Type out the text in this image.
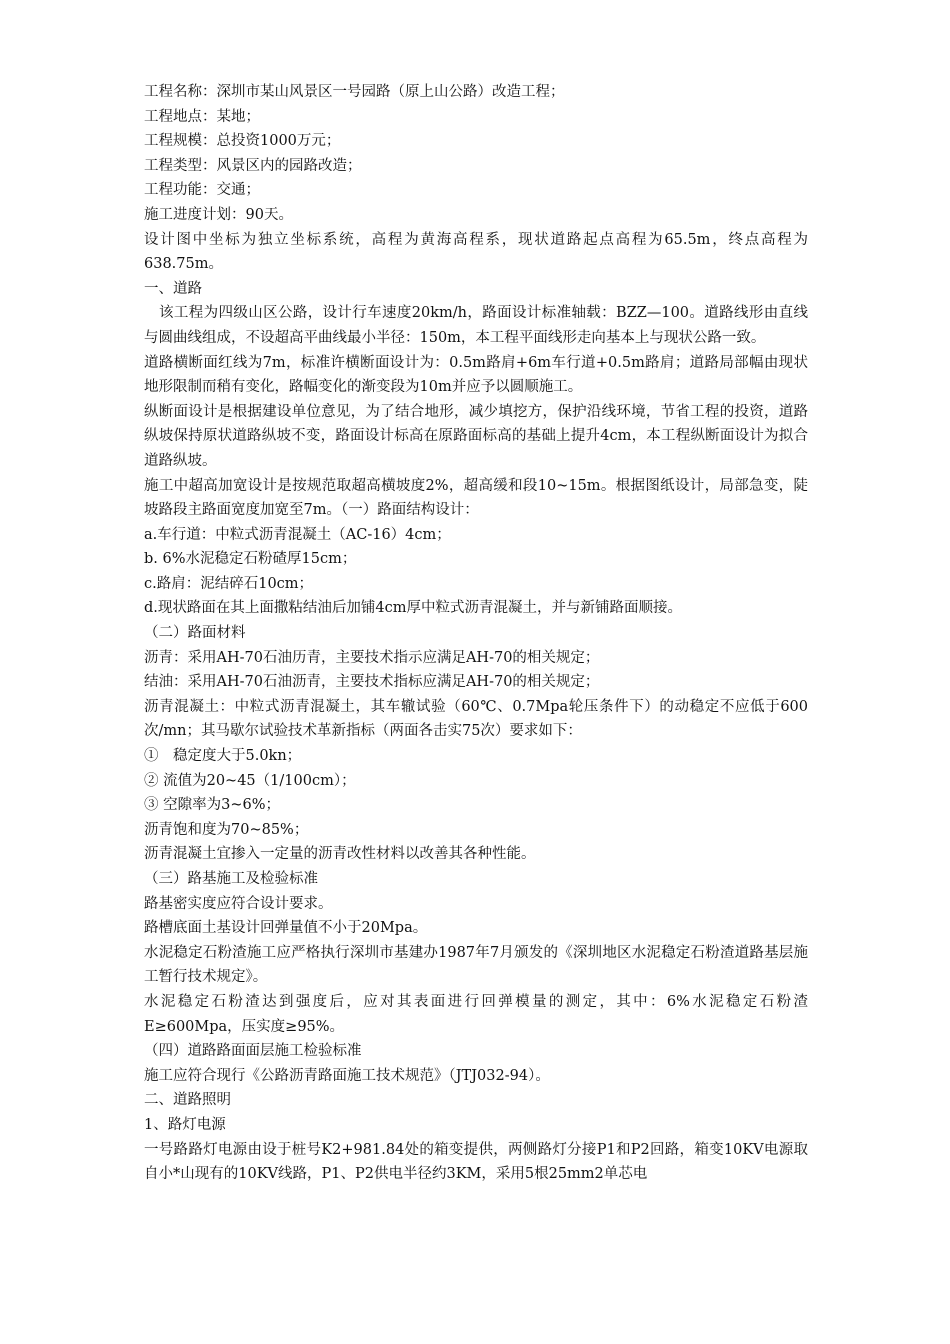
工程名称：深圳市某山风景区一号园路（原上山公路）改造工程；

工程地点：某地；

工程规模：总投资1000万元；

工程类型：风景区内的园路改造；

工程功能：交通；

施工进度计划：90天。

设计图中坐标为独立坐标系统，高程为黄海高程系，现状道路起点高程为65.5m，终点高程为638.75m。

一、道路

该工程为四级山区公路，设计行车速度20km/h，路面设计标准轴载：BZZ—100。道路线形由直线与圆曲线组成，不设超高平曲线最小半径：150m，本工程平面线形走向基本上与现状公路一致。

道路横断面红线为7m，标准许横断面设计为：0.5m路肩+6m车行道+0.5m路肩；道路局部幅由现状地形限制而稍有变化，路幅变化的渐变段为10m并应予以圆顺施工。

纵断面设计是根据建设单位意见，为了结合地形，减少填挖方，保护沿线环境，节省工程的投资，道路纵坡保持原状道路纵坡不变，路面设计标高在原路面标高的基础上提升4cm，本工程纵断面设计为拟合道路纵坡。

施工中超高加宽设计是按规范取超高横坡度2%，超高缓和段10~15m。根据图纸设计，局部急变，陡坡路段主路面宽度加宽至7m。（一）路面结构设计：

a.车行道：中粒式沥青混凝土（AC-16）4cm；

b. 6%水泥稳定石粉碴厚15cm；

c.路肩：泥结碎石10cm；

d.现状路面在其上面撒粘结油后加铺4cm厚中粒式沥青混凝土，并与新铺路面顺接。

（二）路面材料

沥青：采用AH-70石油历青，主要技术指示应满足AH-70的相关规定；

结油：采用AH-70石油沥青，主要技术指标应满足AH-70的相关规定；

沥青混凝土：中粒式沥青混凝土，其车辙试验（60℃、0.7Mpa轮压条件下）的动稳定不应低于600次/mn；其马歇尔试验技术革新指标（两面各击实75次）要求如下：

①　稳定度大于5.0kn；

② 流值为20~45（1/100cm）；

③ 空隙率为3~6%；

沥青饱和度为70~85%；

沥青混凝土宜掺入一定量的沥青改性材料以改善其各种性能。

（三）路基施工及检验标准

路基密实度应符合设计要求。

路槽底面土基设计回弹量值不小于20Mpa。

水泥稳定石粉渣施工应严格执行深圳市基建办1987年7月颁发的《深圳地区水泥稳定石粉渣道路基层施工暂行技术规定》。

水泥稳定石粉渣达到强度后，应对其表面进行回弹模量的测定，其中：6%水泥稳定石粉渣E≥600Mpa，压实度≥95%。

（四）道路路面面层施工检验标准

施工应符合现行《公路沥青路面施工技术规范》（JTJ032-94）。

二、道路照明

1、路灯电源

一号路路灯电源由设于桩号K2+981.84处的箱变提供，两侧路灯分接P1和P2回路，箱变10KV电源取自小*山现有的10KV线路，P1、P2供电半径约3KM，采用5根25mm2单芯电
